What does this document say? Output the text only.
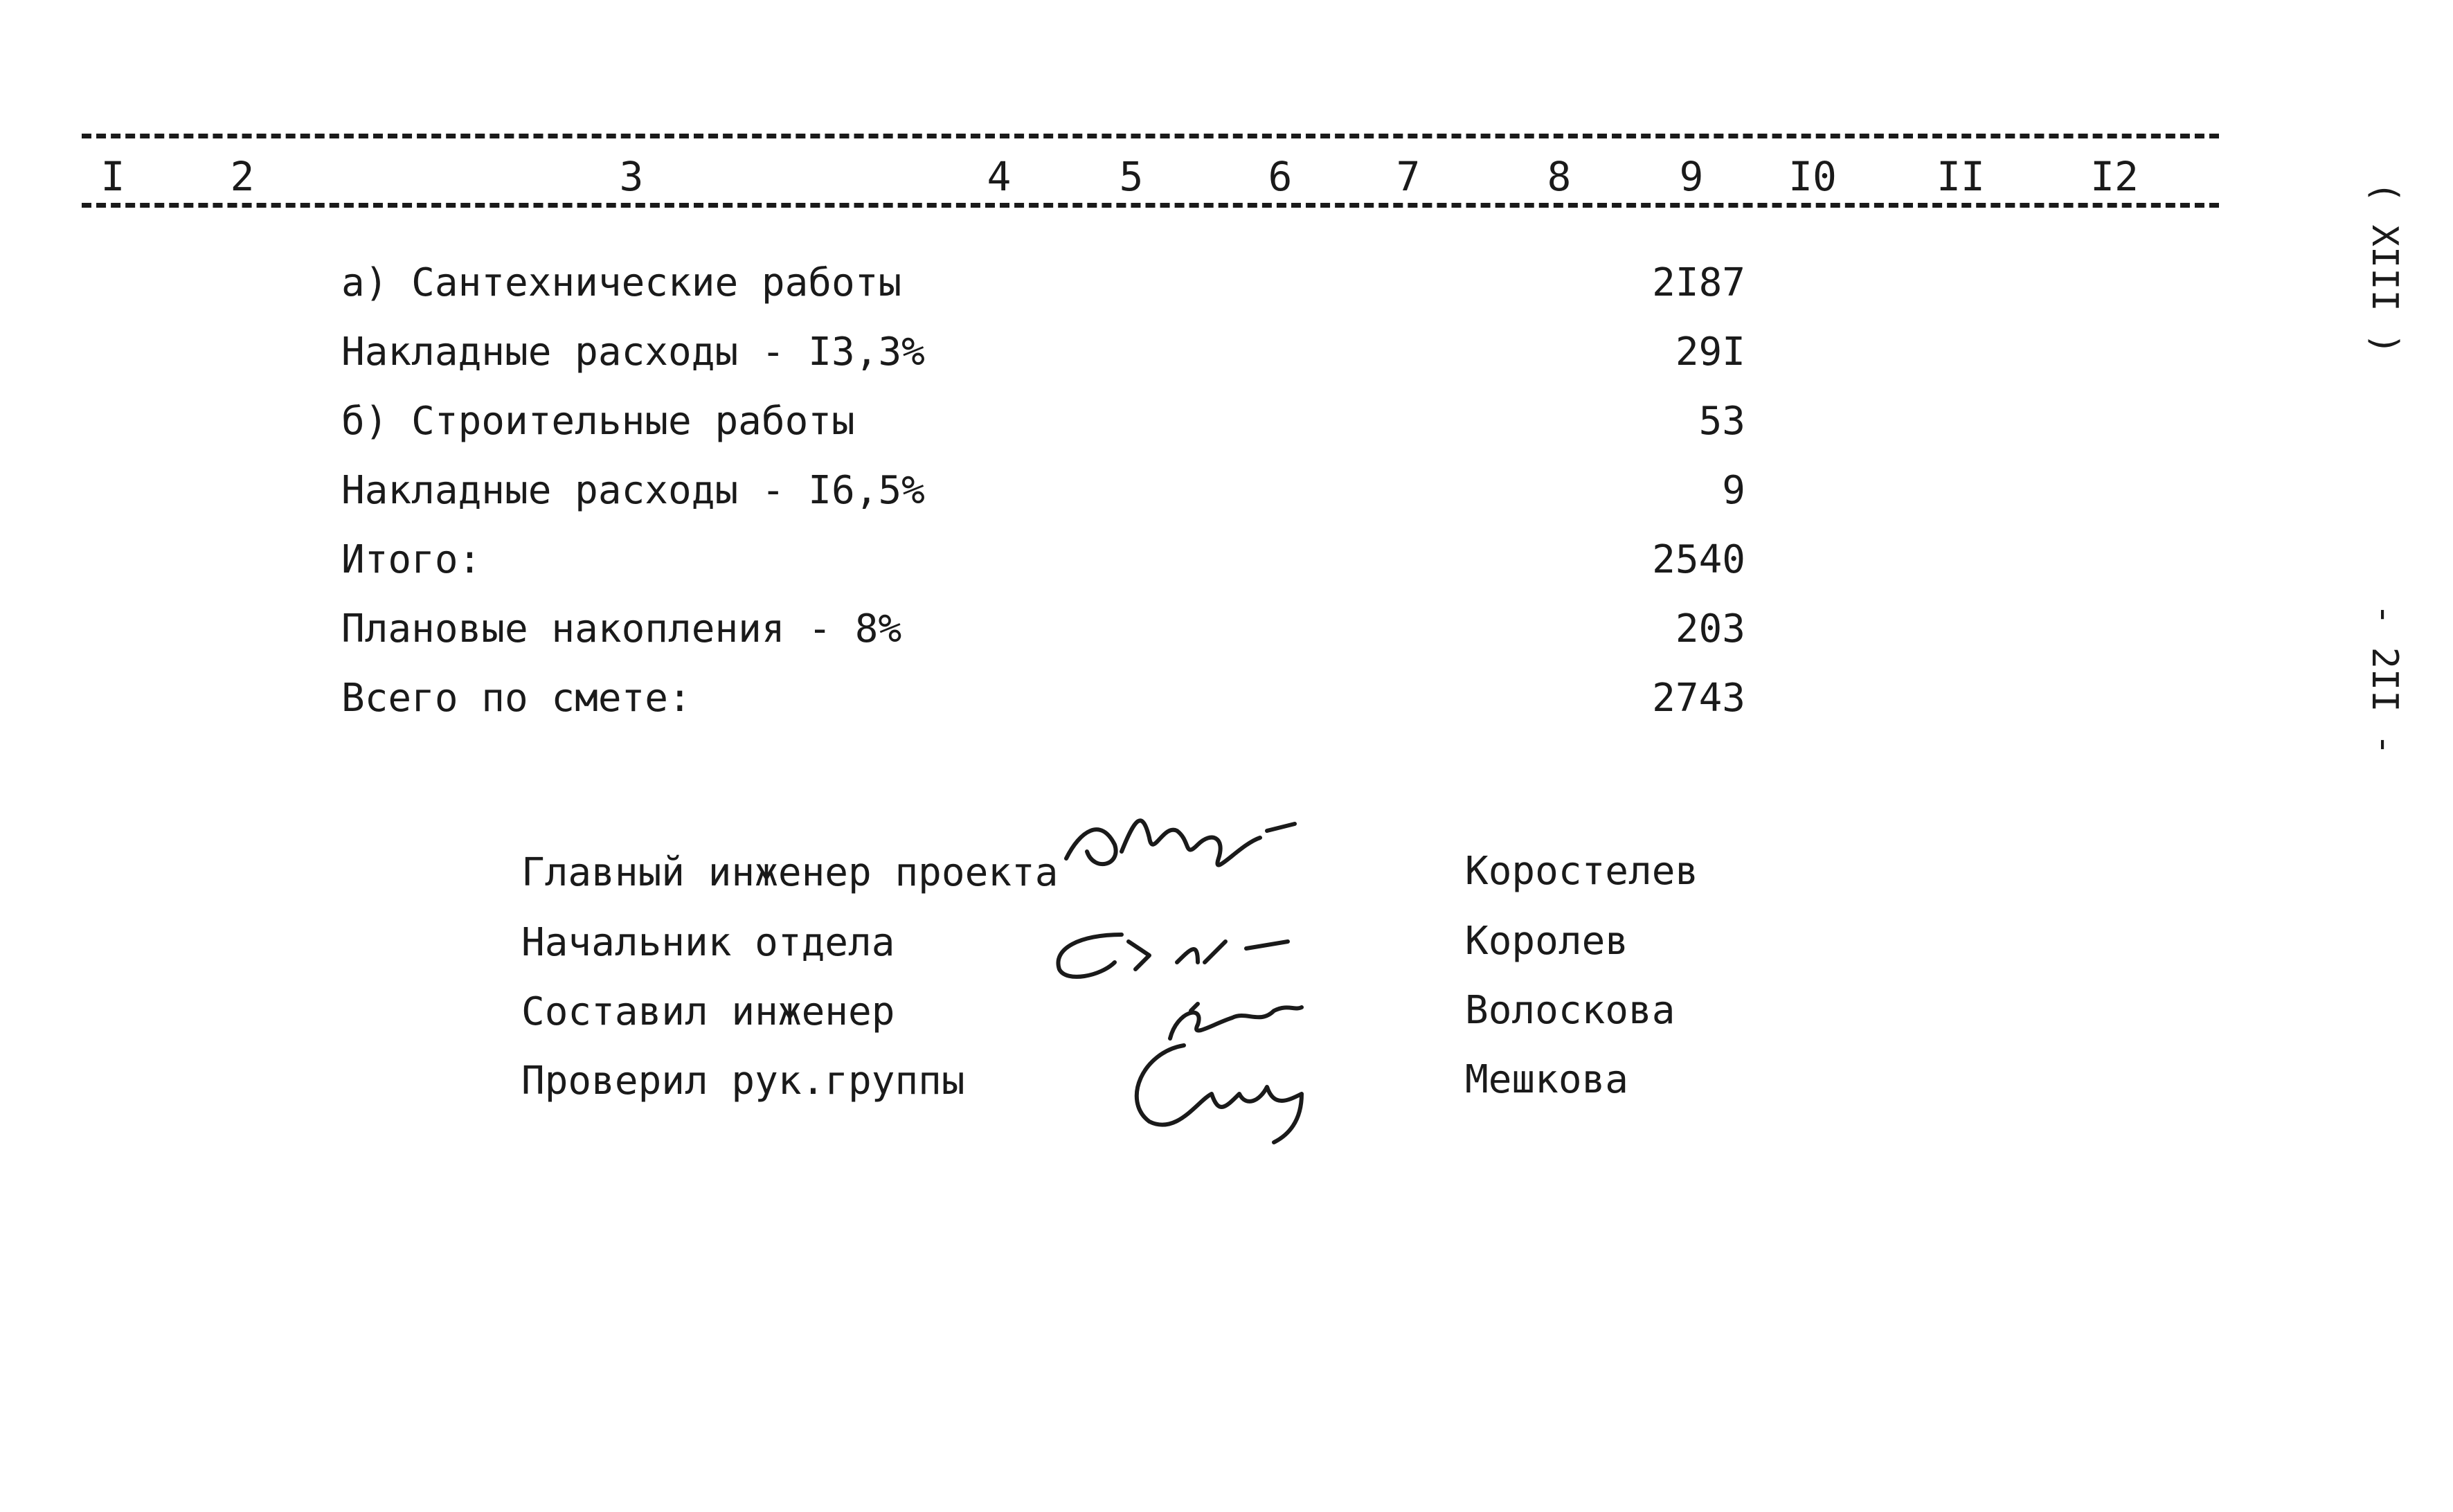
I	2	3	4	5	6	7	8	9 I0 II	I2
а) Сантехнические работы	2I87
Накладные расходы - I3,3%	29I
б) Строительные работы	53
Накладные расходы - I6,5%	9
Итого:	2540
Плановые накопления - 8%	203
Всего по смете:	2743
Главный инженер проекта	Коростелев
Начальник отдела	Королев
Составил инженер	Волоскова
Проверил рук.группы	Мешкова
( XIII )
- 2II -
